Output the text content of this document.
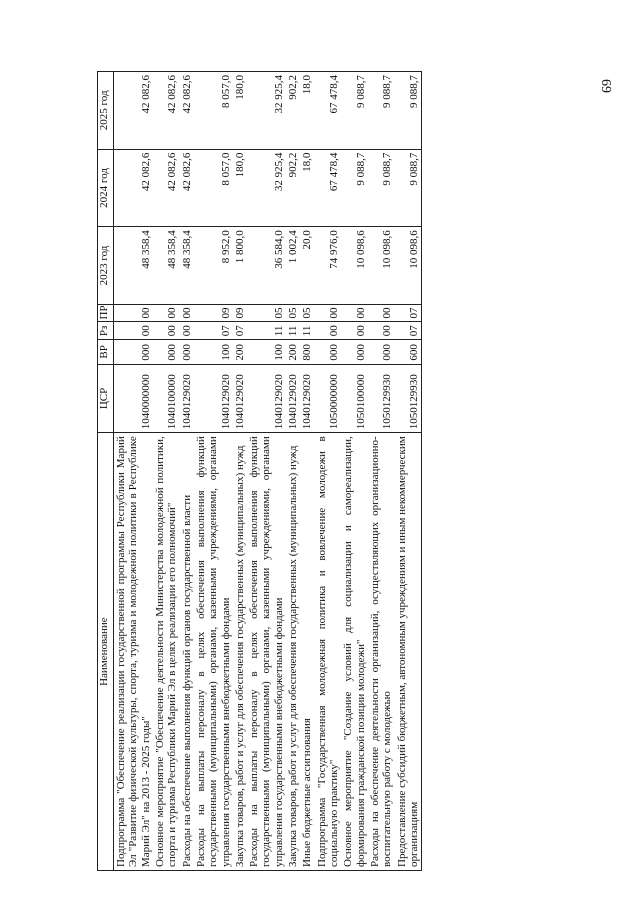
69
Наименование	ЦСР	ВР	Рз	ПР	2023 год	2024 год	2025 год
Подпрограмма "Обеспечение реализации государственной программы Республики Марий Эл "Развитие физической культуры, спорта, туризма и молодежной политики в Республике Марий Эл" на 2013 - 2025 годы"	1040000000	000	00	00	48 358,4	42 082,6	42 082,6
Основное мероприятие "Обеспечение деятельности Министерства молодежной политики, спорта и туризма Республики Марий Эл в целях реализации его полномочий"	1040100000	000	00	00	48 358,4	42 082,6	42 082,6
Расходы на обеспечение выполнения функций органов государственной власти	1040129020	000	00	00	48 358,4	42 082,6	42 082,6
Расходы на выплаты персоналу в целях обеспечения выполнения функций государственными (муниципальными) органами, казенными учреждениями, органами управления государственными внебюджетными фондами	1040129020	100	07	09	8 952,0	8 057,0	8 057,0
Закупка товаров, работ и услуг для обеспечения государственных (муниципальных) нужд	1040129020	200	07	09	1 800,0	180,0	180,0
Расходы на выплаты персоналу в целях обеспечения выполнения функций государственными (муниципальными) органами, казенными учреждениями, органами управления государственными внебюджетными фондами	1040129020	100	11	05	36 584,0	32 925,4	32 925,4
Закупка товаров, работ и услуг для обеспечения государственных (муниципальных) нужд	1040129020	200	11	05	1 002,4	902,2	902,2
Иные бюджетные ассигнования	1040129020	800	11	05	20,0	18,0	18,0
Подпрограмма "Государственная молодежная политика и вовлечение молодежи в социальную практику"	1050000000	000	00	00	74 976,0	67 478,4	67 478,4
Основное мероприятие "Создание условий для социализации и самореализации, формирования гражданской позиции молодежи"	1050100000	000	00	00	10 098,6	9 088,7	9 088,7
Расходы на обеспечение деятельности организаций, осуществляющих организационно-воспитательную работу с молодежью	1050129930	000	00	00	10 098,6	9 088,7	9 088,7
Предоставление субсидий бюджетным, автономным учреждениям и иным некоммерческим организациям	1050129930	600	07	07	10 098,6	9 088,7	9 088,7
